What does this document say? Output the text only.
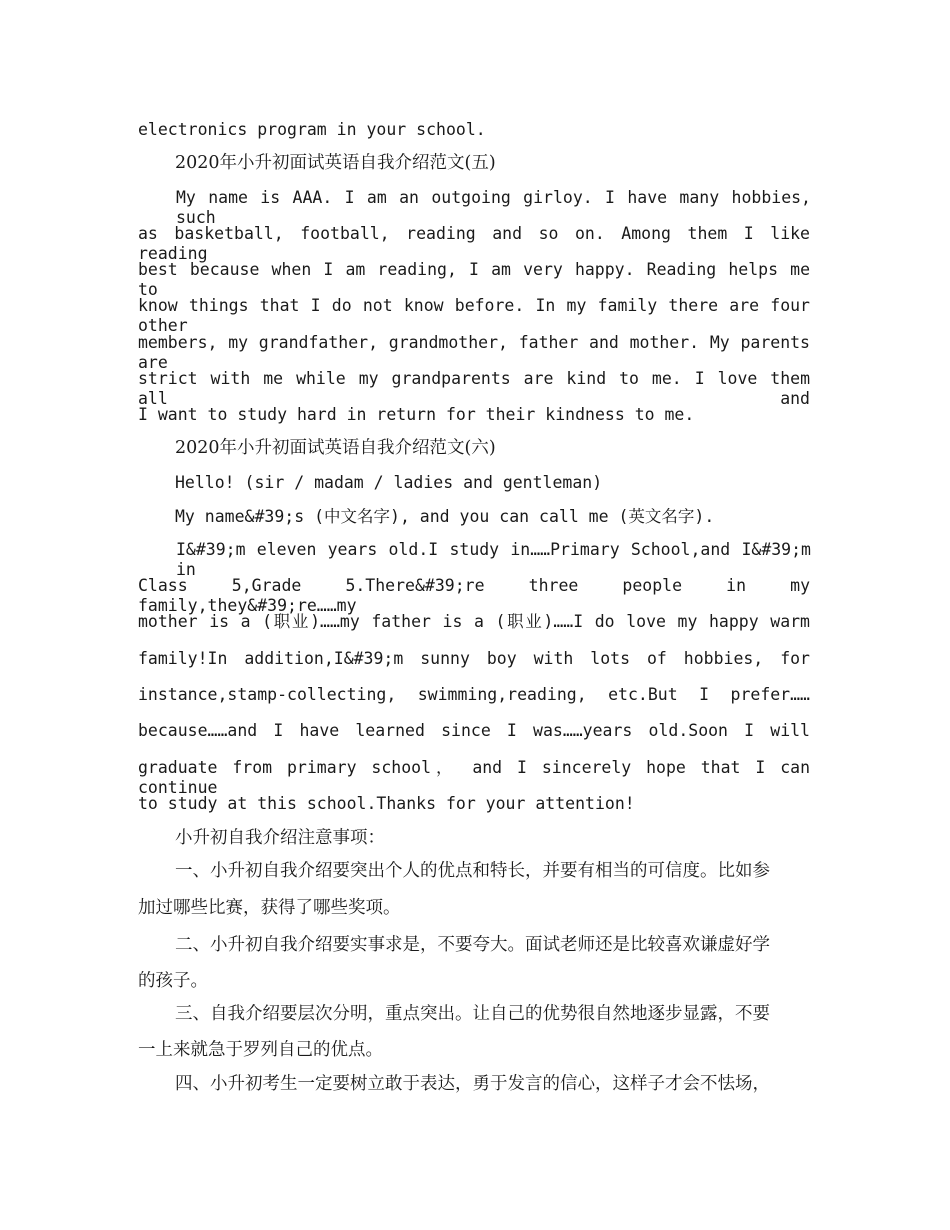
electronics program in your school.

2020年小升初面试英语自我介绍范文(五)

My name is AAA. I am an outgoing girloy. I have many hobbies, such

as basketball, football, reading and so on. Among them I like reading

best because when I am reading, I am very happy. Reading helps me to

know things that I do not know before. In my family there are four other

members, my grandfather, grandmother, father and mother. My parents are

strict with me while my grandparents are kind to me. I love them all and

I want to study hard in return for their kindness to me.

2020年小升初面试英语自我介绍范文(六)

Hello! (sir / madam / ladies and gentleman)

My name&#39;s (中文名字), and you can call me (英文名字).

I&#39;m eleven years old.I study in……Primary School,and I&#39;m in

Class 5,Grade 5.There&#39;re three people in my family,they&#39;re……my

mother is a (职业)……my father is a (职业)……I do love my happy warm

family!In addition,I&#39;m sunny boy with lots of hobbies, for

instance,stamp-collecting, swimming,reading, etc.But I prefer……

because……and I have learned since I was……years old.Soon I will

graduate from primary school， and I sincerely hope that I can continue

to study at this school.Thanks for your attention!

小升初自我介绍注意事项：

一、小升初自我介绍要突出个人的优点和特长，并要有相当的可信度。比如参

加过哪些比赛，获得了哪些奖项。

二、小升初自我介绍要实事求是，不要夸大。面试老师还是比较喜欢谦虚好学

的孩子。

三、自我介绍要层次分明，重点突出。让自己的优势很自然地逐步显露，不要

一上来就急于罗列自己的优点。

四、小升初考生一定要树立敢于表达，勇于发言的信心，这样子才会不怯场，
